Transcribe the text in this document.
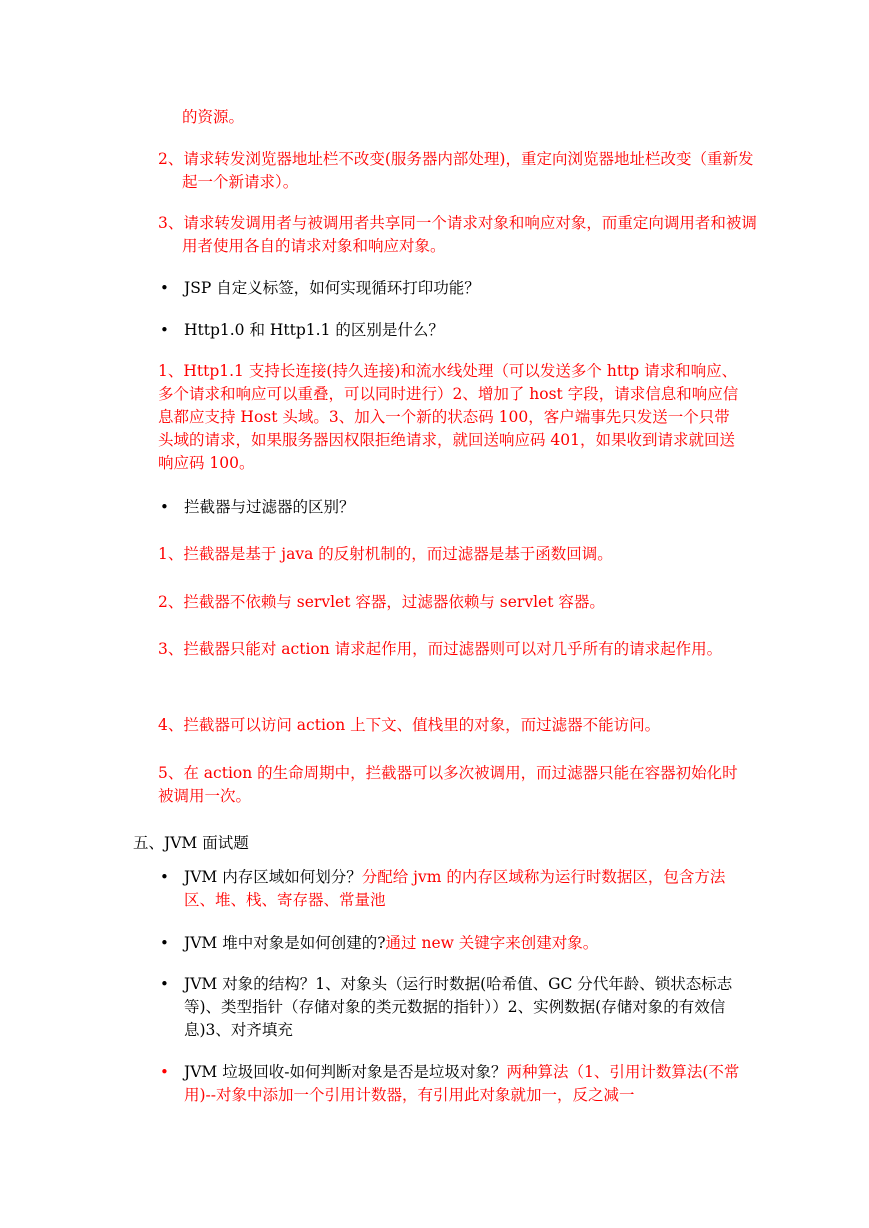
的资源。

2、请求转发浏览器地址栏不改变(服务器内部处理)，重定向浏览器地址栏改变（重新发起一个新请求）。

3、请求转发调用者与被调用者共享同一个请求对象和响应对象，而重定向调用者和被调用者使用各自的请求对象和响应对象。

• JSP 自定义标签，如何实现循环打印功能？
• Http1.0 和 Http1.1 的区别是什么？

1、Http1.1 支持长连接(持久连接)和流水线处理（可以发送多个 http 请求和响应、多个请求和响应可以重叠，可以同时进行）2、增加了 host 字段，请求信息和响应信息都应支持 Host 头域。3、加入一个新的状态码 100，客户端事先只发送一个只带头域的请求，如果服务器因权限拒绝请求，就回送响应码 401，如果收到请求就回送响应码 100。

• 拦截器与过滤器的区别？

1、拦截器是基于 java 的反射机制的，而过滤器是基于函数回调。

2、拦截器不依赖与 servlet 容器，过滤器依赖与 servlet 容器。

3、拦截器只能对 action 请求起作用，而过滤器则可以对几乎所有的请求起作用。

4、拦截器可以访问 action 上下文、值栈里的对象，而过滤器不能访问。

5、在 action 的生命周期中，拦截器可以多次被调用，而过滤器只能在容器初始化时被调用一次。

五、JVM 面试题

• JVM 内存区域如何划分？分配给 jvm 的内存区域称为运行时数据区，包含方法区、堆、栈、寄存器、常量池
• JVM 堆中对象是如何创建的?通过 new 关键字来创建对象。
• JVM 对象的结构？1、对象头（运行时数据(哈希值、GC 分代年龄、锁状态标志等)、类型指针（存储对象的类元数据的指针））2、实例数据(存储对象的有效信息)3、对齐填充
• JVM 垃圾回收-如何判断对象是否是垃圾对象？两种算法（1、引用计数算法(不常用)--对象中添加一个引用计数器，有引用此对象就加一，反之减一
